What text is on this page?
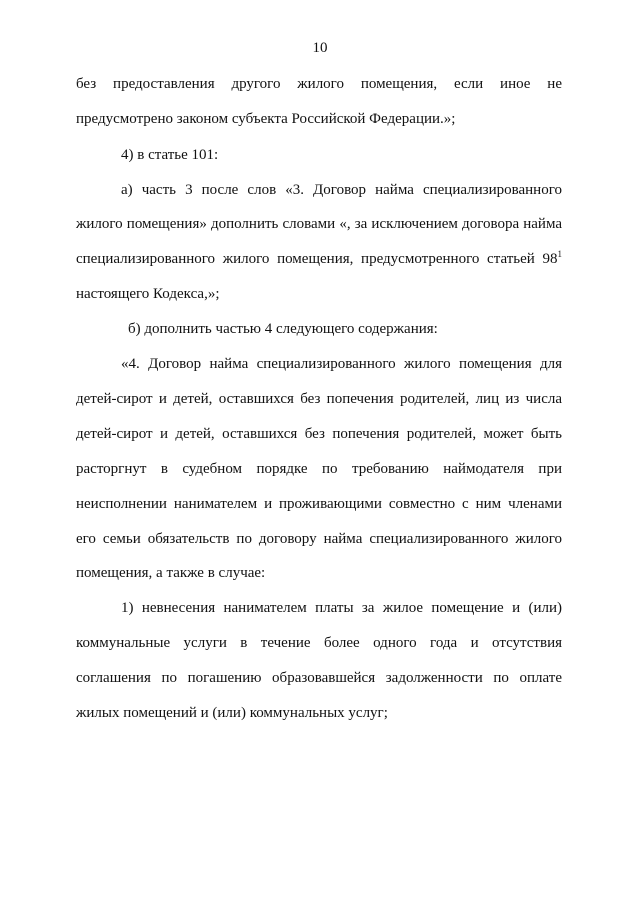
10
без предоставления другого жилого помещения, если иное не
предусмотрено законом субъекта Российской Федерации.»;
4) в статье 101:
а) часть 3 после слов «3. Договор найма специализированного
жилого помещения» дополнить словами «, за исключением договора найма
специализированного жилого помещения, предусмотренного статьей $98^1$
настоящего Кодекса,»;
б) дополнить частью 4 следующего содержания:
«4. Договор найма специализированного жилого помещения для
детей-сирот и детей, оставшихся без попечения родителей, лиц из числа
детей-сирот и детей, оставшихся без попечения родителей, может быть
расторгнут в судебном порядке по требованию наймодателя при
неисполнении нанимателем и проживающими совместно с ним членами
его семьи обязательств по договору найма специализированного жилого
помещения, а также в случае:
1) невнесения нанимателем платы за жилое помещение и (или)
коммунальные услуги в течение более одного года и отсутствия
соглашения по погашению образовавшейся задолженности по оплате
жилых помещений и (или) коммунальных услуг;
